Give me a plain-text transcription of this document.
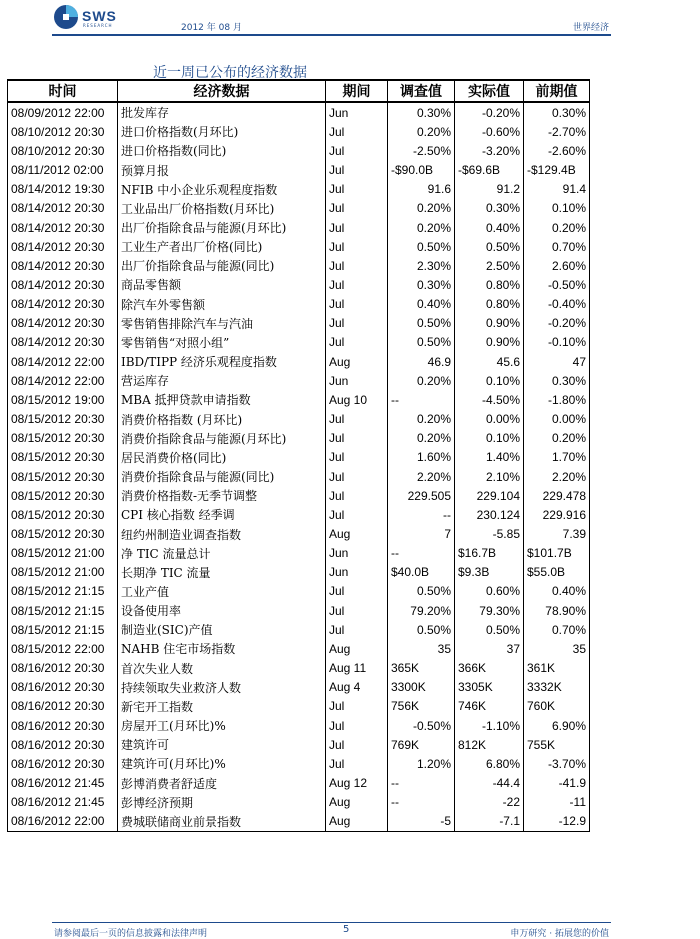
SWS
RESEARCH	2012 年 08 月	世界经济
近一周已公布的经济数据
时间	经济数据	期间	调查值	实际值	前期值
08/09/2012 22:00	批发库存	Jun	0.30%	-0.20%	0.30%
08/10/2012 20:30	进口价格指数(月环比)	Jul	0.20%	-0.60%	-2.70%
08/10/2012 20:30	进口价格指数(同比)	Jul	-2.50%	-3.20%	-2.60%
08/11/2012 02:00	预算月报	Jul	-$90.0B	-$69.6B	-$129.4B
08/14/2012 19:30	NFIB 中小企业乐观程度指数	Jul	91.6	91.2	91.4
08/14/2012 20:30	工业品出厂价格指数(月环比)	Jul	0.20%	0.30%	0.10%
08/14/2012 20:30	出厂价指除食品与能源(月环比)	Jul	0.20%	0.40%	0.20%
08/14/2012 20:30	工业生产者出厂价格(同比)	Jul	0.50%	0.50%	0.70%
08/14/2012 20:30	出厂价指除食品与能源(同比)	Jul	2.30%	2.50%	2.60%
08/14/2012 20:30	商品零售额	Jul	0.30%	0.80%	-0.50%
08/14/2012 20:30	除汽车外零售额	Jul	0.40%	0.80%	-0.40%
08/14/2012 20:30	零售销售排除汽车与汽油	Jul	0.50%	0.90%	-0.20%
08/14/2012 20:30	零售销售“对照小组”	Jul	0.50%	0.90%	-0.10%
08/14/2012 22:00	IBD/TIPP 经济乐观程度指数	Aug	46.9	45.6	47
08/14/2012 22:00	营运库存	Jun	0.20%	0.10%	0.30%
08/15/2012 19:00	MBA 抵押贷款申请指数	Aug 10	--	-4.50%	-1.80%
08/15/2012 20:30	消费价格指数 (月环比)	Jul	0.20%	0.00%	0.00%
08/15/2012 20:30	消费价指除食品与能源(月环比)	Jul	0.20%	0.10%	0.20%
08/15/2012 20:30	居民消费价格(同比)	Jul	1.60%	1.40%	1.70%
08/15/2012 20:30	消费价指除食品与能源(同比)	Jul	2.20%	2.10%	2.20%
08/15/2012 20:30	消费价格指数-无季节调整	Jul	229.505	229.104	229.478
08/15/2012 20:30	CPI 核心指数 经季调	Jul	--	230.124	229.916
08/15/2012 20:30	纽约州制造业调查指数	Aug	7	-5.85	7.39
08/15/2012 21:00	净 TIC 流量总计	Jun	--	$16.7B	$101.7B
08/15/2012 21:00	长期净 TIC 流量	Jun	$40.0B	$9.3B	$55.0B
08/15/2012 21:15	工业产值	Jul	0.50%	0.60%	0.40%
08/15/2012 21:15	设备使用率	Jul	79.20%	79.30%	78.90%
08/15/2012 21:15	制造业(SIC)产值	Jul	0.50%	0.50%	0.70%
08/15/2012 22:00	NAHB 住宅市场指数	Aug	35	37	35
08/16/2012 20:30	首次失业人数	Aug 11	365K	366K	361K
08/16/2012 20:30	持续领取失业救济人数	Aug 4	3300K	3305K	3332K
08/16/2012 20:30	新宅开工指数	Jul	756K	746K	760K
08/16/2012 20:30	房屋开工(月环比)%	Jul	-0.50%	-1.10%	6.90%
08/16/2012 20:30	建筑许可	Jul	769K	812K	755K
08/16/2012 20:30	建筑许可(月环比)%	Jul	1.20%	6.80%	-3.70%
08/16/2012 21:45	彭博消费者舒适度	Aug 12	--	-44.4	-41.9
08/16/2012 21:45	彭博经济预期	Aug	--	-22	-11
08/16/2012 22:00	费城联储商业前景指数	Aug	-5	-7.1	-12.9
请参阅最后一页的信息披露和法律声明	5	申万研究 · 拓展您的价值
